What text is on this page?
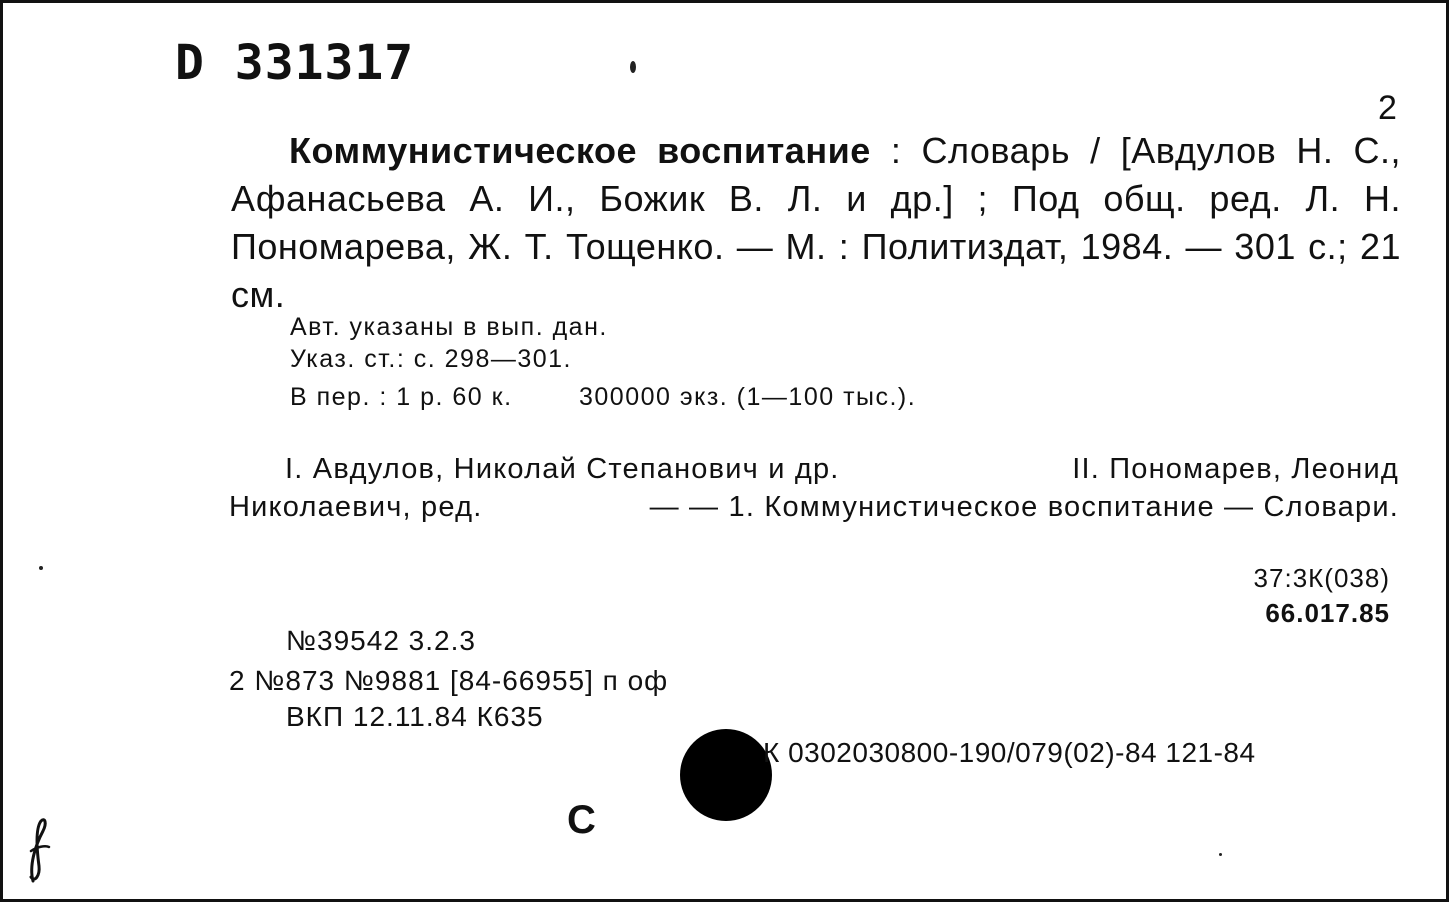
D 331317
2
Коммунистическое воспитание : Словарь / [Авдулов Н. С., Афанасьева А. И., Божик В. Л. и др.] ; Под общ. ред. Л. Н. Пономарева, Ж. Т. Тощенко. — М. : Политиздат, 1984. — 301 с.; 21 см.
Авт. указаны в вып. дан.
Указ. ст.: с. 298—301.
В пер. : 1 р. 60 к.	300000 экз. (1—100 тыс.).
I. Авдулов, Николай Степанович и др.	II. Пономарев, Леонид
Николаевич, ред.	— — 1. Коммунистическое воспитание — Словари.
37:3К(038)
66.017.85
№39542 3.2.3
2 №873 №9881 [84-66955] п оф
ВКП 12.11.84 К635
К 0302030800-190/079(02)-84 121-84
С
